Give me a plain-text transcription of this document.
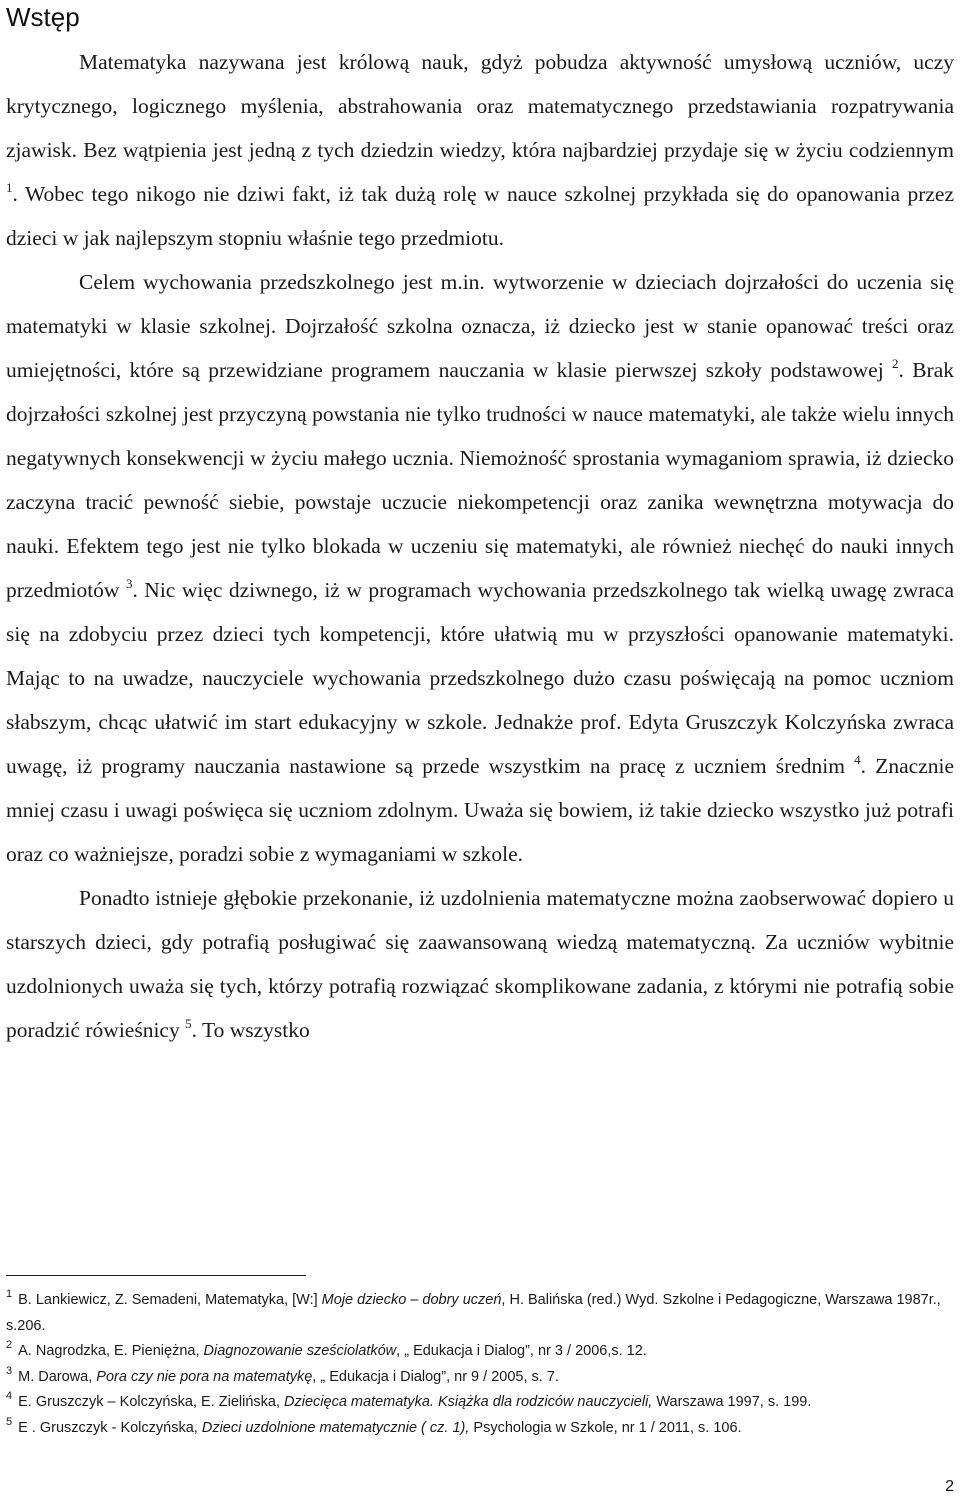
Wstęp

Matematyka nazywana jest królową nauk, gdyż pobudza aktywność umysłową uczniów, uczy krytycznego, logicznego myślenia, abstrahowania oraz matematycznego przedstawiania rozpatrywania zjawisk. Bez wątpienia jest jedną z tych dziedzin wiedzy, która najbardziej przydaje się w życiu codziennym $^1$. Wobec tego nikogo nie dziwi fakt, iż tak dużą rolę w nauce szkolnej przykłada się do opanowania przez dzieci w jak najlepszym stopniu właśnie tego przedmiotu.

Celem wychowania przedszkolnego jest m.in. wytworzenie w dzieciach dojrzałości do uczenia się matematyki w klasie szkolnej. Dojrzałość szkolna oznacza, iż dziecko jest w stanie opanować treści oraz umiejętności, które są przewidziane programem nauczania w klasie pierwszej szkoły podstawowej $^2$. Brak dojrzałości szkolnej jest przyczyną powstania nie tylko trudności w nauce matematyki, ale także wielu innych negatywnych konsekwencji w życiu małego ucznia. Niemożność sprostania wymaganiom sprawia, iż dziecko zaczyna tracić pewność siebie, powstaje uczucie niekompetencji oraz zanika wewnętrzna motywacja do nauki. Efektem tego jest nie tylko blokada w uczeniu się matematyki, ale również niechęć do nauki innych przedmiotów $^3$. Nic więc dziwnego, iż w programach wychowania przedszkolnego tak wielką uwagę zwraca się na zdobyciu przez dzieci tych kompetencji, które ułatwią mu w przyszłości opanowanie matematyki. Mając to na uwadze, nauczyciele wychowania przedszkolnego dużo czasu poświęcają na pomoc uczniom słabszym, chcąc ułatwić im start edukacyjny w szkole. Jednakże prof. Edyta Gruszczyk Kolczyńska zwraca uwagę, iż programy nauczania nastawione są przede wszystkim na pracę z uczniem średnim $^4$. Znacznie mniej czasu i uwagi poświęca się uczniom zdolnym. Uważa się bowiem, iż takie dziecko wszystko już potrafi oraz co ważniejsze, poradzi sobie z wymaganiami w szkole.

Ponadto istnieje głębokie przekonanie, iż uzdolnienia matematyczne można zaobserwować dopiero u starszych dzieci, gdy potrafią posługiwać się zaawansowaną wiedzą matematyczną. Za uczniów wybitnie uzdolnionych uważa się tych, którzy potrafią rozwiązać skomplikowane zadania, z którymi nie potrafią sobie poradzić rówieśnicy $^5$. To wszystko

$^1$ B. Lankiewicz, Z. Semadeni, Matematyka, [W:] Moje dziecko – dobry uczeń, H. Balińska (red.) Wyd. Szkolne i Pedagogiczne, Warszawa 1987r., s.206.

$^2$ A. Nagrodzka, E. Pieniężna, Diagnozowanie sześciolatków, „ Edukacja i Dialog”, nr 3 / 2006,s. 12.

$^3$ M. Darowa, Pora czy nie pora na matematykę, „ Edukacja i Dialog”, nr 9 / 2005, s. 7.

$^4$ E. Gruszczyk – Kolczyńska, E. Zielińska, Dziecięca matematyka. Książka dla rodziców nauczycieli, Warszawa 1997, s. 199.

$^5$ E . Gruszczyk - Kolczyńska, Dzieci uzdolnione matematycznie ( cz. 1), Psychologia w Szkole, nr 1 / 2011, s. 106.

2
